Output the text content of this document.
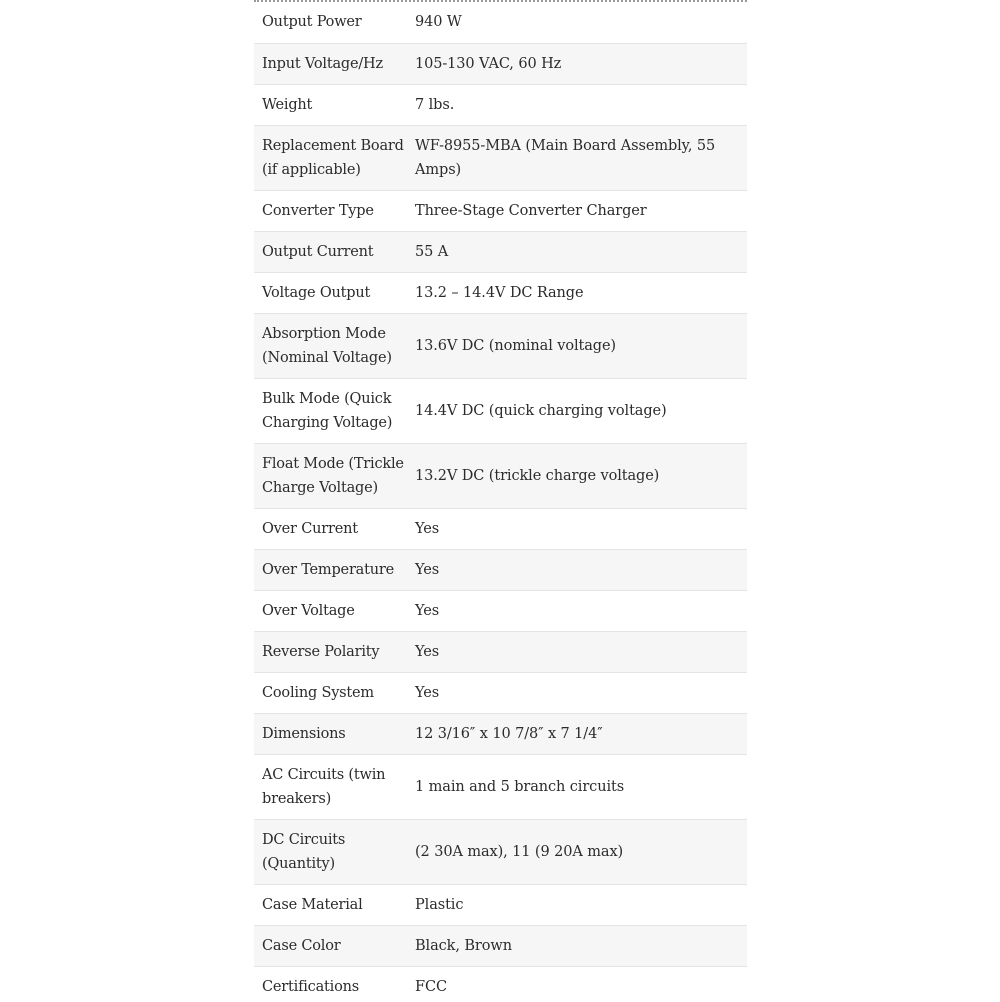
Output Power	940 W
Input Voltage/Hz	105-130 VAC, 60 Hz
Weight	7 lbs.
Replacement Board (if applicable)	WF-8955-MBA (Main Board Assembly, 55 Amps)
Converter Type	Three-Stage Converter Charger
Output Current	55 A
Voltage Output	13.2 – 14.4V DC Range
Absorption Mode (Nominal Voltage)	13.6V DC (nominal voltage)
Bulk Mode (Quick Charging Voltage)	14.4V DC (quick charging voltage)
Float Mode (Trickle Charge Voltage)	13.2V DC (trickle charge voltage)
Over Current	Yes
Over Temperature	Yes
Over Voltage	Yes
Reverse Polarity	Yes
Cooling System	Yes
Dimensions	12 3/16″ x 10 7/8″ x 7 1/4″
AC Circuits (twin breakers)	1 main and 5 branch circuits
DC Circuits (Quantity)	(2 30A max), 11 (9 20A max)
Case Material	Plastic
Case Color	Black, Brown
Certifications	FCC
